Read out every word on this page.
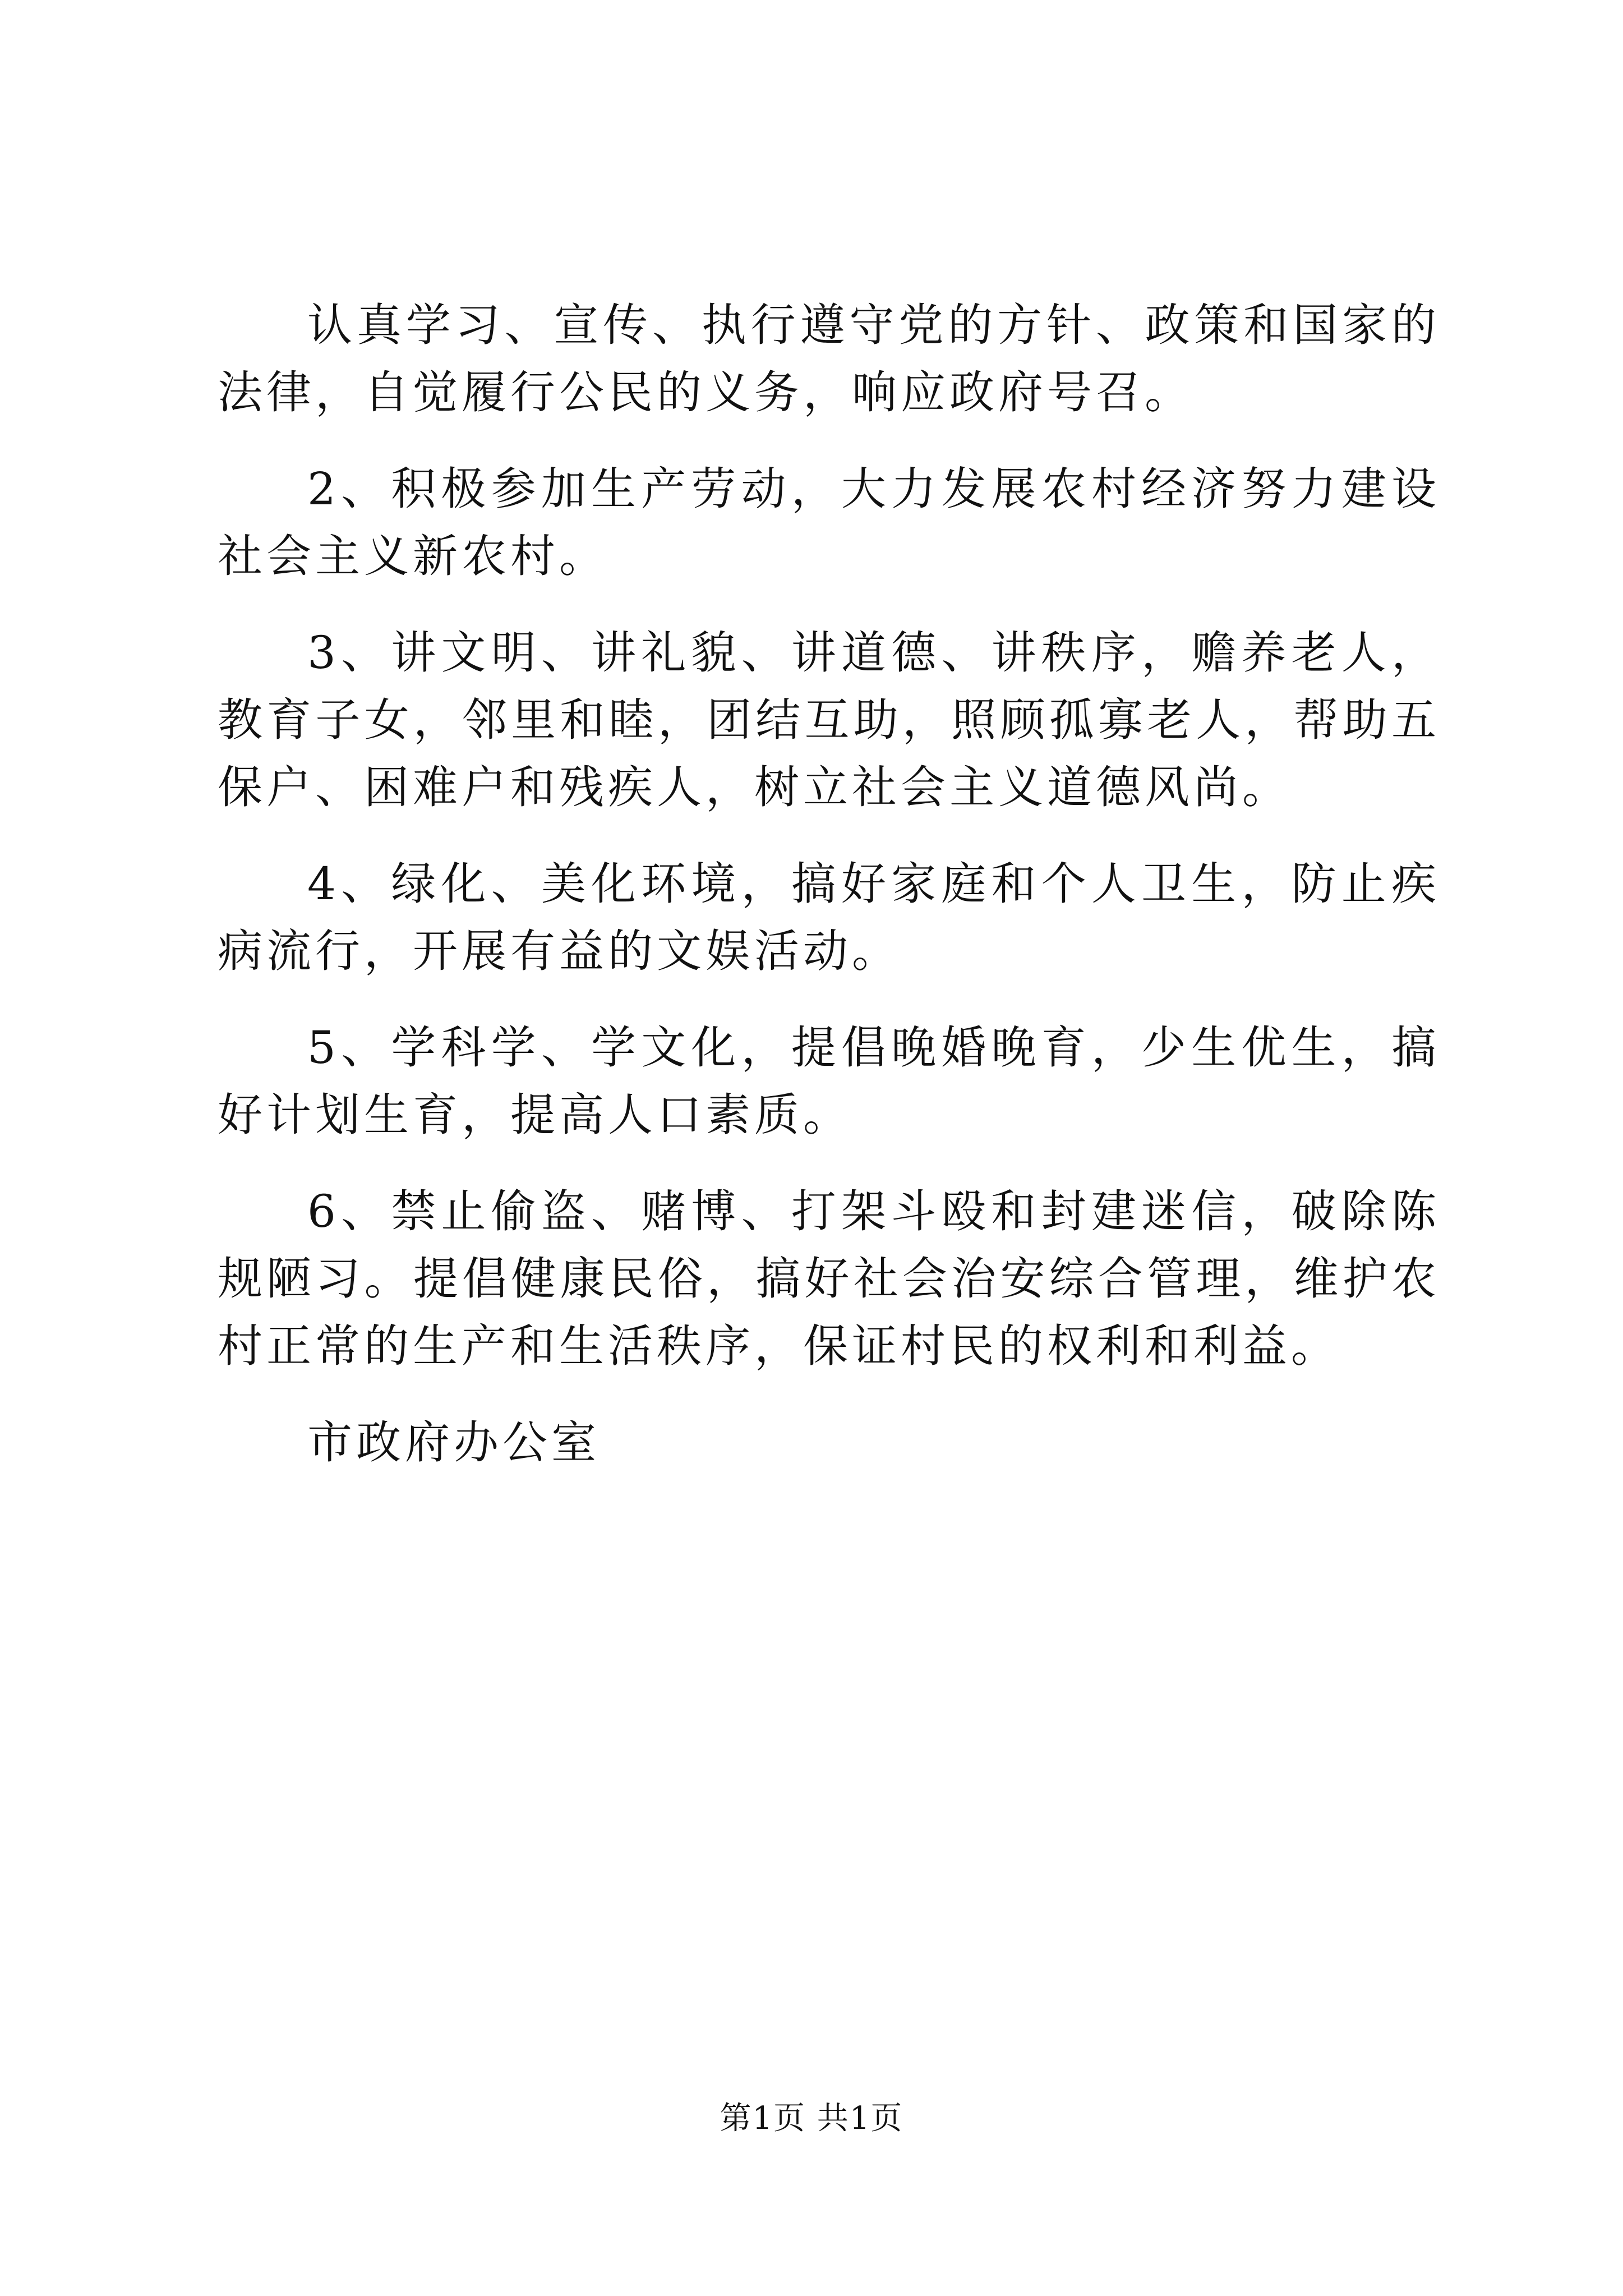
认真学习、宣传、执行遵守党的方针、政策和国家的法律，自觉履行公民的义务，响应政府号召。

2、积极参加生产劳动，大力发展农村经济努力建设社会主义新农村。

3、讲文明、讲礼貌、讲道德、讲秩序，赡养老人，教育子女，邻里和睦，团结互助，照顾孤寡老人，帮助五保户、困难户和残疾人，树立社会主义道德风尚。

4、绿化、美化环境，搞好家庭和个人卫生，防止疾病流行，开展有益的文娱活动。

5、学科学、学文化，提倡晚婚晚育，少生优生，搞好计划生育，提高人口素质。

6、禁止偷盗、赌博、打架斗殴和封建迷信，破除陈规陋习。提倡健康民俗，搞好社会治安综合管理，维护农村正常的生产和生活秩序，保证村民的权利和利益。

市政府办公室

第1页 共1页
